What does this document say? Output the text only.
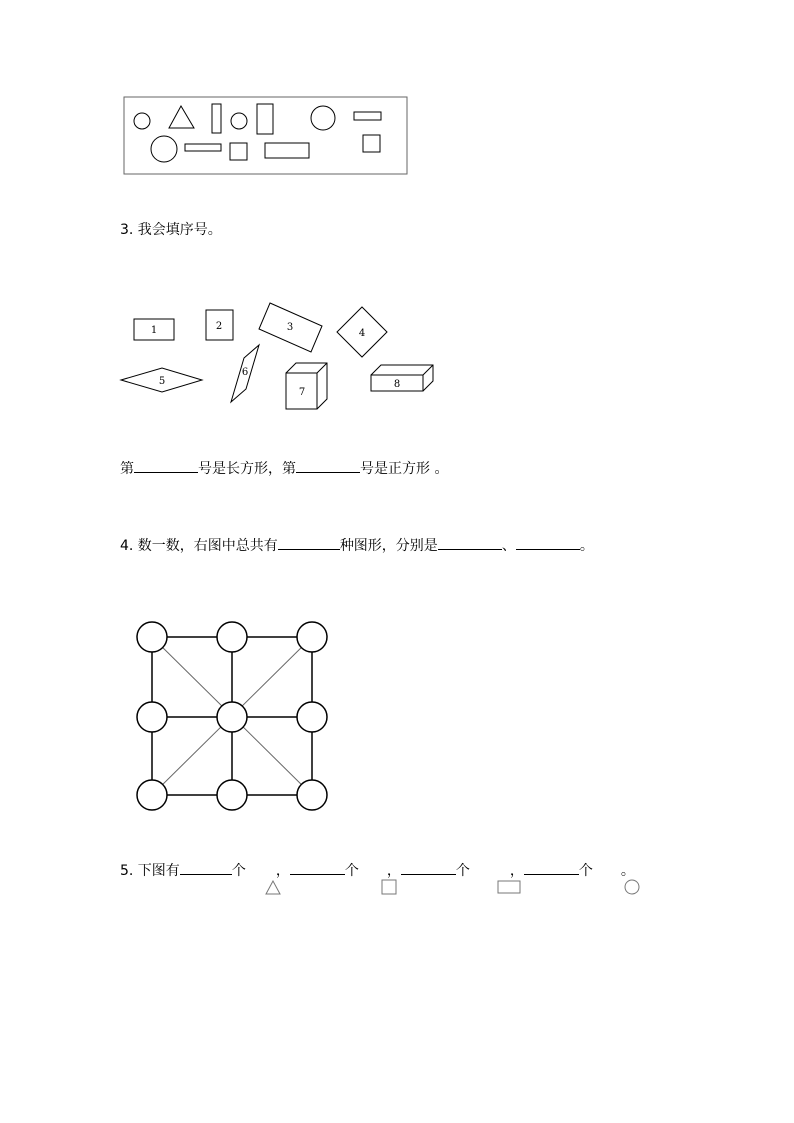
3. 我会填序号。
1	2	3
4
5
6
7
8
第	号是长方形，第	号是正方形 。
4. 数一数，右图中总共有	种图形，分别是	、	。
5. 下图有	个 ，	个 ，	个	，	个 。
